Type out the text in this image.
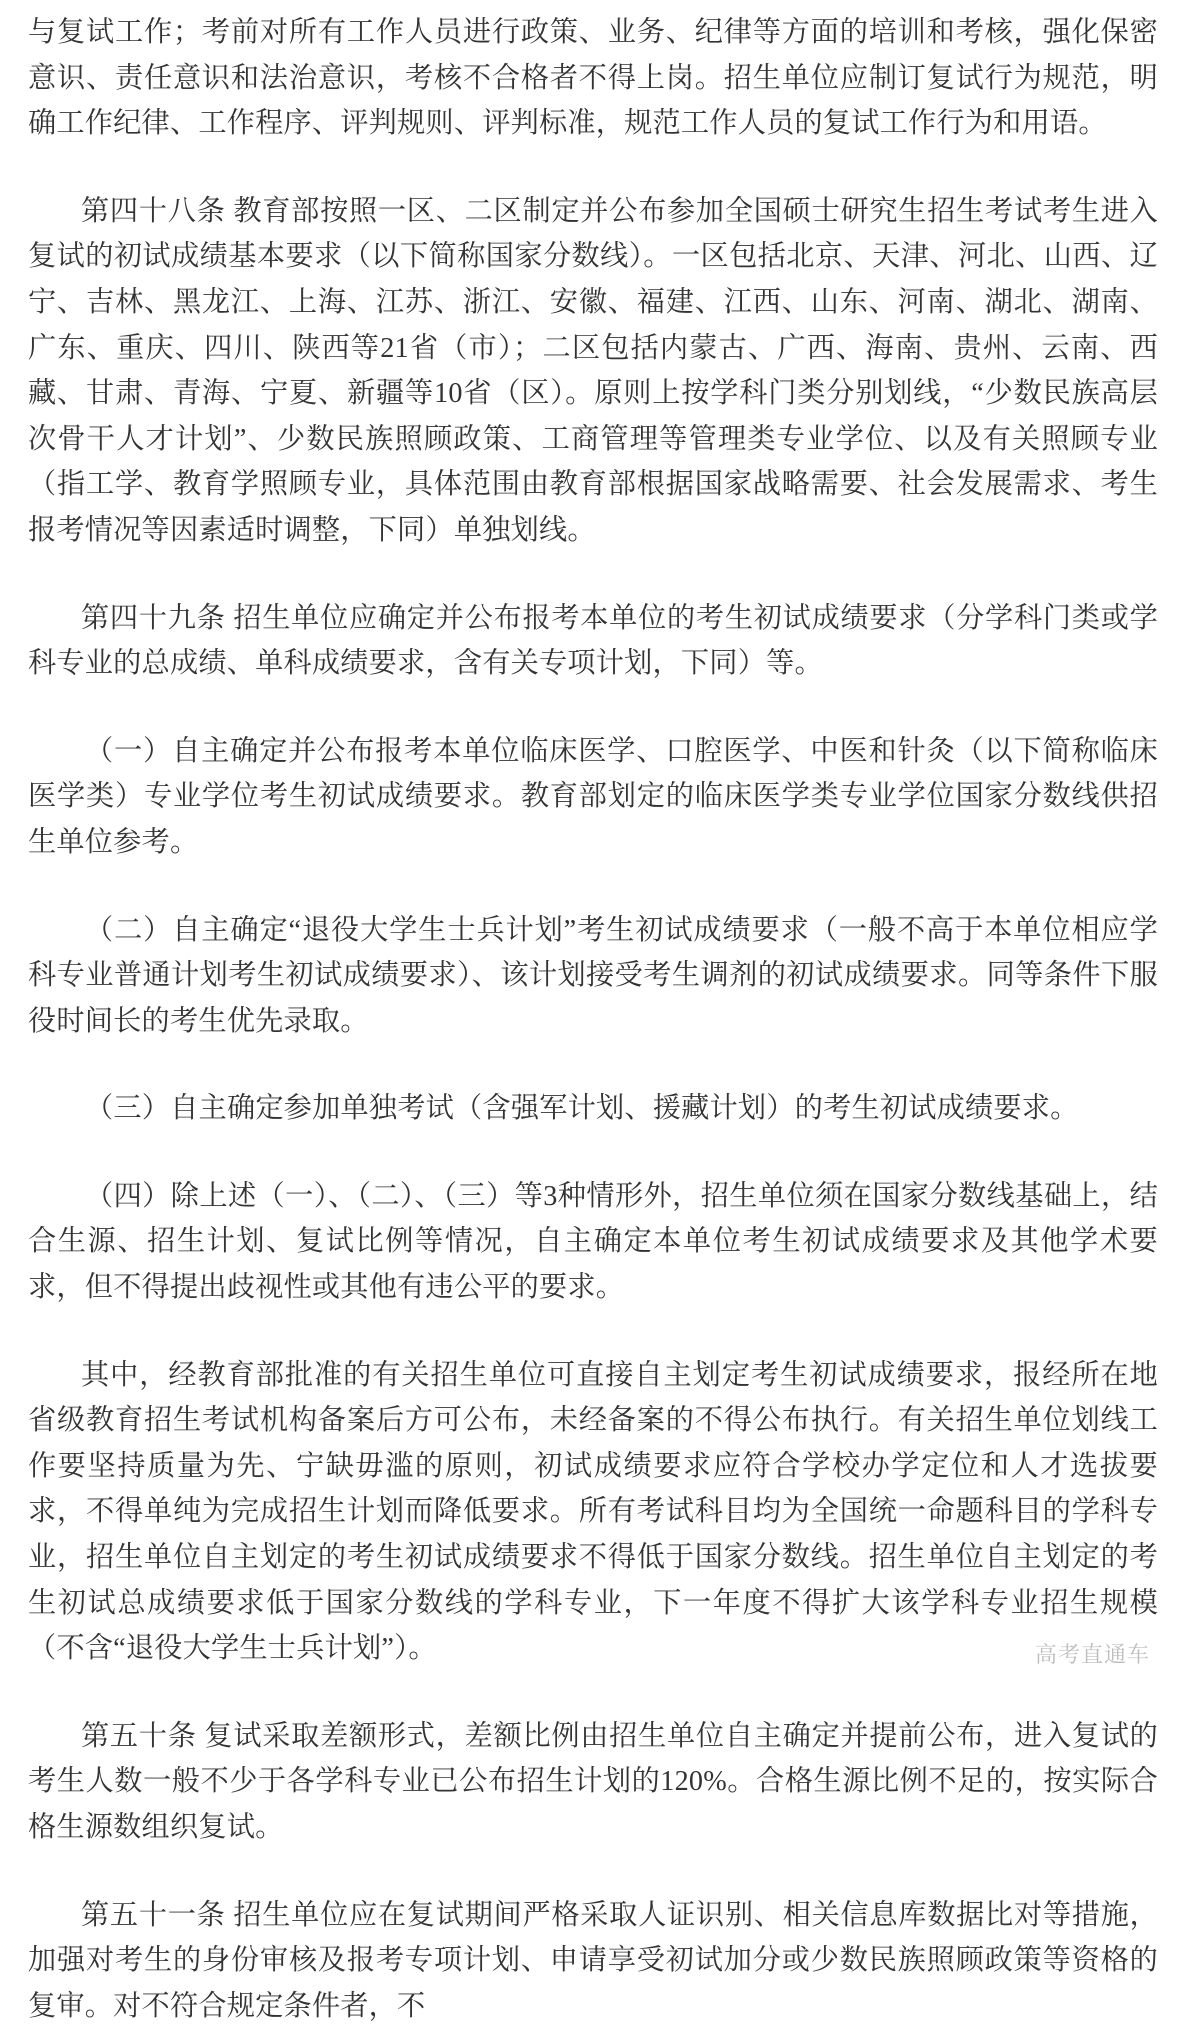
与复试工作；考前对所有工作人员进行政策、业务、纪律等方面的培训和考核，强化保密意识、责任意识和法治意识，考核不合格者不得上岗。招生单位应制订复试行为规范，明确工作纪律、工作程序、评判规则、评判标准，规范工作人员的复试工作行为和用语。

第四十八条 教育部按照一区、二区制定并公布参加全国硕士研究生招生考试考生进入复试的初试成绩基本要求（以下简称国家分数线）。一区包括北京、天津、河北、山西、辽宁、吉林、黑龙江、上海、江苏、浙江、安徽、福建、江西、山东、河南、湖北、湖南、广东、重庆、四川、陕西等21省（市）；二区包括内蒙古、广西、海南、贵州、云南、西藏、甘肃、青海、宁夏、新疆等10省（区）。原则上按学科门类分别划线，“少数民族高层次骨干人才计划”、少数民族照顾政策、工商管理等管理类专业学位、以及有关照顾专业（指工学、教育学照顾专业，具体范围由教育部根据国家战略需要、社会发展需求、考生报考情况等因素适时调整，下同）单独划线。

第四十九条 招生单位应确定并公布报考本单位的考生初试成绩要求（分学科门类或学科专业的总成绩、单科成绩要求，含有关专项计划，下同）等。

（一）自主确定并公布报考本单位临床医学、口腔医学、中医和针灸（以下简称临床医学类）专业学位考生初试成绩要求。教育部划定的临床医学类专业学位国家分数线供招生单位参考。

（二）自主确定“退役大学生士兵计划”考生初试成绩要求（一般不高于本单位相应学科专业普通计划考生初试成绩要求）、该计划接受考生调剂的初试成绩要求。同等条件下服役时间长的考生优先录取。

（三）自主确定参加单独考试（含强军计划、援藏计划）的考生初试成绩要求。

（四）除上述（一）、（二）、（三）等3种情形外，招生单位须在国家分数线基础上，结合生源、招生计划、复试比例等情况，自主确定本单位考生初试成绩要求及其他学术要求，但不得提出歧视性或其他有违公平的要求。

其中，经教育部批准的有关招生单位可直接自主划定考生初试成绩要求，报经所在地省级教育招生考试机构备案后方可公布，未经备案的不得公布执行。有关招生单位划线工作要坚持质量为先、宁缺毋滥的原则，初试成绩要求应符合学校办学定位和人才选拔要求，不得单纯为完成招生计划而降低要求。所有考试科目均为全国统一命题科目的学科专业，招生单位自主划定的考生初试成绩要求不得低于国家分数线。招生单位自主划定的考生初试总成绩要求低于国家分数线的学科专业，下一年度不得扩大该学科专业招生规模（不含“退役大学生士兵计划”）。

第五十条 复试采取差额形式，差额比例由招生单位自主确定并提前公布，进入复试的考生人数一般不少于各学科专业已公布招生计划的120%。合格生源比例不足的，按实际合格生源数组织复试。

第五十一条 招生单位应在复试期间严格采取人证识别、相关信息库数据比对等措施，加强对考生的身份审核及报考专项计划、申请享受初试加分或少数民族照顾政策等资格的复审。对不符合规定条件者，不

高考直通车
